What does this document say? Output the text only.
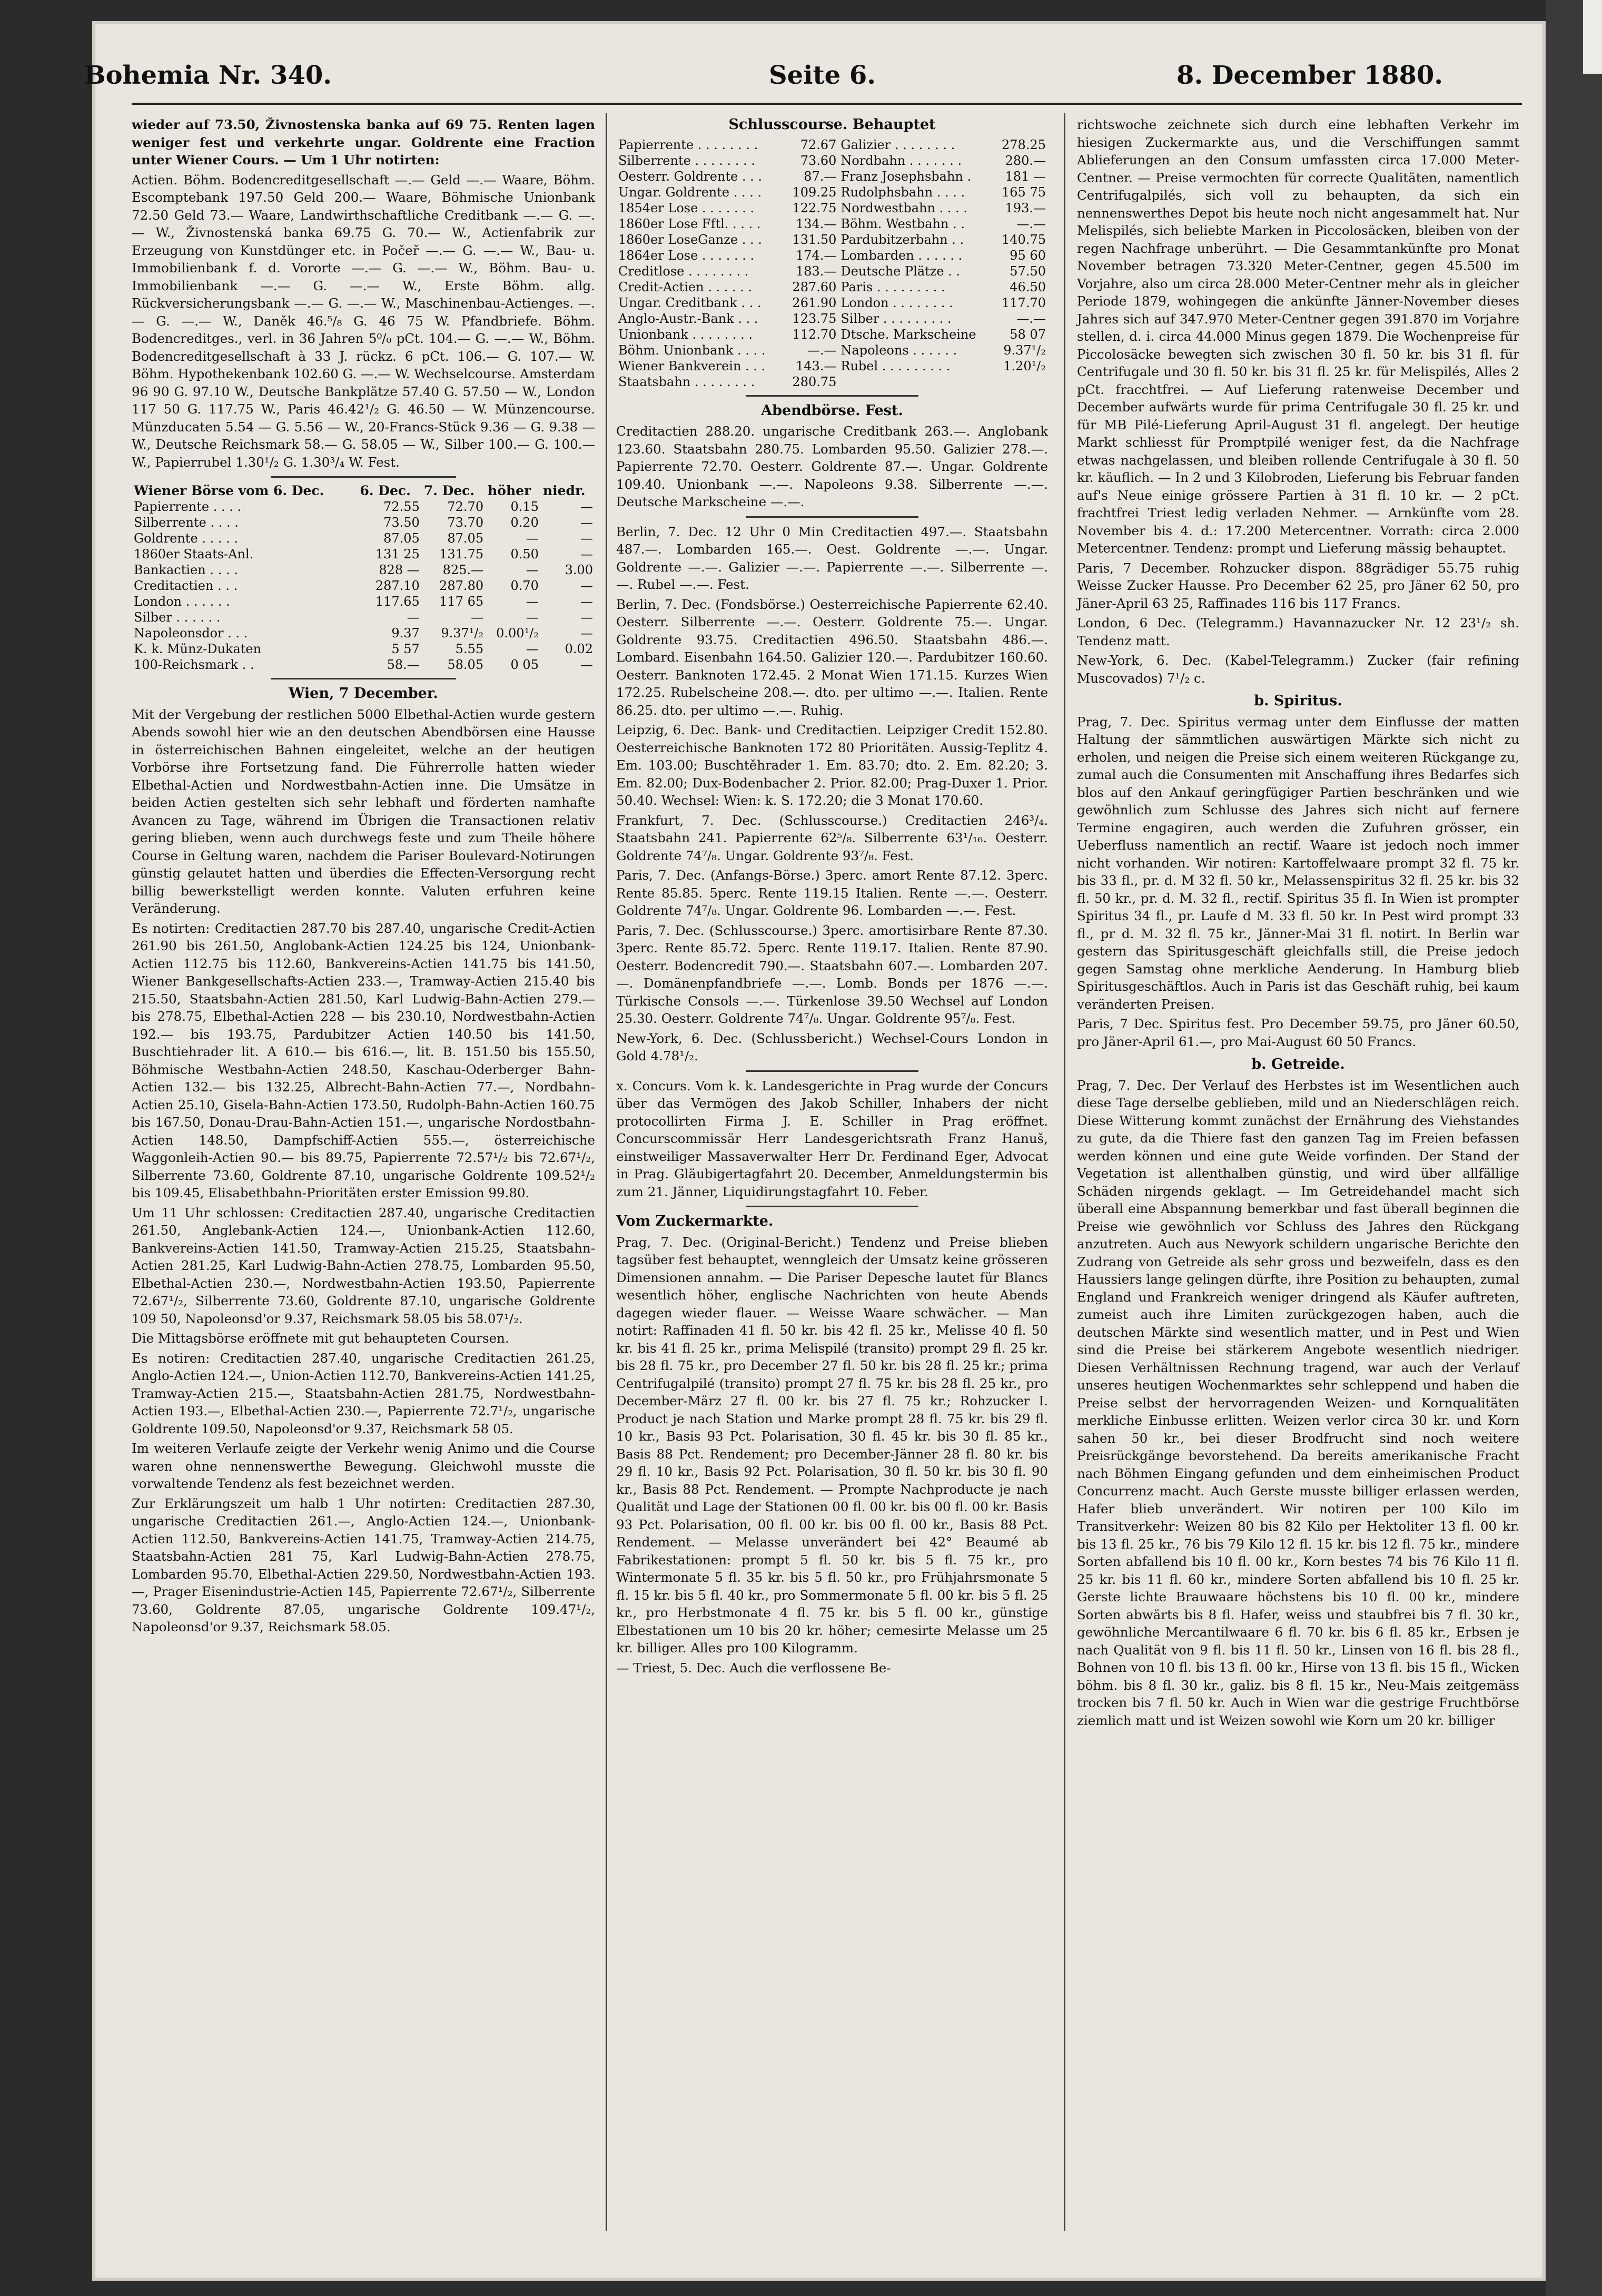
Bohemia Nr. 340.	Seite 6.	8. December 1880.

wieder auf 73.50, Živnostenska banka auf 69 75. Renten lagen weniger fest und verkehrte ungar. Goldrente eine Fraction unter Wiener Cours. — Um 1 Uhr notirten:

Actien. Böhm. Bodencreditgesellschaft —.— Geld —.— Waare, Böhm. Escomptebank 197.50 Geld 200.— Waare, Böhmische Unionbank 72.50 Geld 73.— Waare, Landwirthschaftliche Creditbank —.— G. —.— W., Živnostenská banka 69.75 G. 70.— W., Actienfabrik zur Erzeugung von Kunstdünger etc. in Počeř —.— G. —.— W., Bau- u. Immobilienbank f. d. Vororte —.— G. —.— W., Böhm. Bau- u. Immobilienbank —.— G. —.— W., Erste Böhm. allg. Rückversicherungsbank —.— G. —.— W., Maschinenbau-Actienges. —.— G. —.— W., Daněk 46.⁵/₈ G. 46 75 W. Pfandbriefe. Böhm. Bodencreditges., verl. in 36 Jahren 5⁰/₀ pCt. 104.— G. —.— W., Böhm. Bodencreditgesellschaft à 33 J. rückz. 6 pCt. 106.— G. 107.— W. Böhm. Hypothekenbank 102.60 G. —.— W. Wechselcourse. Amsterdam 96 90 G. 97.10 W., Deutsche Bankplätze 57.40 G. 57.50 — W., London 117 50 G. 117.75 W., Paris 46.42¹/₂ G. 46.50 — W. Münzencourse. Münzducaten 5.54 — G. 5.56 — W., 20-Francs-Stück 9.36 — G. 9.38 — W., Deutsche Reichsmark 58.— G. 58.05 — W., Silber 100.— G. 100.— W., Papierrubel 1.30¹/₂ G. 1.30³/₄ W. Fest.

Wiener Börse vom 6. Dec.	6. Dec.	7. Dec.	höher	niedr.
Papierrente . . . .	72.55	72.70	0.15	—
Silberrente . . . .	73.50	73.70	0.20	—
Goldrente . . . . .	87.05	87.05	—	—
1860er Staats-Anl.	131 25	131.75	0.50	—
Bankactien . . . .	828 —	825.—	—	3.00
Creditactien . . .	287.10	287.80	0.70	—
London . . . . . .	117.65	117 65	—	—
Silber . . . . . .	—	—	—	—
Napoleonsdor . . .	9.37	9.37¹/₂	0.00¹/₂	—
K. k. Münz-Dukaten	5 57	5.55	—	0.02
100-Reichsmark . .	58.—	58.05	0 05	—
Wien, 7 December.

Mit der Vergebung der restlichen 5000 Elbethal-Actien wurde gestern Abends sowohl hier wie an den deutschen Abendbörsen eine Hausse in österreichischen Bahnen eingeleitet, welche an der heutigen Vorbörse ihre Fortsetzung fand. Die Führerrolle hatten wieder Elbethal-Actien und Nordwestbahn-Actien inne. Die Umsätze in beiden Actien gestelten sich sehr lebhaft und förderten namhafte Avancen zu Tage, während im Übrigen die Transactionen relativ gering blieben, wenn auch durchwegs feste und zum Theile höhere Course in Geltung waren, nachdem die Pariser Boulevard-Notirungen günstig gelautet hatten und überdies die Effecten-Versorgung recht billig bewerkstelligt werden konnte. Valuten erfuhren keine Veränderung.

Es notirten: Creditactien 287.70 bis 287.40, ungarische Credit-Actien 261.90 bis 261.50, Anglobank-Actien 124.25 bis 124, Unionbank-Actien 112.75 bis 112.60, Bankvereins-Actien 141.75 bis 141.50, Wiener Bankgesellschafts-Actien 233.—, Tramway-Actien 215.40 bis 215.50, Staatsbahn-Actien 281.50, Karl Ludwig-Bahn-Actien 279.— bis 278.75, Elbethal-Actien 228 — bis 230.10, Nordwestbahn-Actien 192.— bis 193.75, Pardubitzer Actien 140.50 bis 141.50, Buschtiehrader lit. A 610.— bis 616.—, lit. B. 151.50 bis 155.50, Böhmische Westbahn-Actien 248.50, Kaschau-Oderberger Bahn-Actien 132.— bis 132.25, Albrecht-Bahn-Actien 77.—, Nordbahn-Actien 25.10, Gisela-Bahn-Actien 173.50, Rudolph-Bahn-Actien 160.75 bis 167.50, Donau-Drau-Bahn-Actien 151.—, ungarische Nordostbahn-Actien 148.50, Dampfschiff-Actien 555.—, österreichische Waggonleih-Actien 90.— bis 89.75, Papierrente 72.57¹/₂ bis 72.67¹/₂, Silberrente 73.60, Goldrente 87.10, ungarische Goldrente 109.52¹/₂ bis 109.45, Elisabethbahn-Prioritäten erster Emission 99.80.

Um 11 Uhr schlossen: Creditactien 287.40, ungarische Creditactien 261.50, Anglebank-Actien 124.—, Unionbank-Actien 112.60, Bankvereins-Actien 141.50, Tramway-Actien 215.25, Staatsbahn-Actien 281.25, Karl Ludwig-Bahn-Actien 278.75, Lombarden 95.50, Elbethal-Actien 230.—, Nordwestbahn-Actien 193.50, Papierrente 72.67¹/₂, Silberrente 73.60, Goldrente 87.10, ungarische Goldrente 109 50, Napoleonsd'or 9.37, Reichsmark 58.05 bis 58.07¹/₂.

Die Mittagsbörse eröffnete mit gut behaupteten Coursen.

Es notiren: Creditactien 287.40, ungarische Creditactien 261.25, Anglo-Actien 124.—, Union-Actien 112.70, Bankvereins-Actien 141.25, Tramway-Actien 215.—, Staatsbahn-Actien 281.75, Nordwestbahn-Actien 193.—, Elbethal-Actien 230.—, Papierrente 72.7¹/₂, ungarische Goldrente 109.50, Napoleonsd'or 9.37, Reichsmark 58 05.

Im weiteren Verlaufe zeigte der Verkehr wenig Animo und die Course waren ohne nennenswerthe Bewegung. Gleichwohl musste die vorwaltende Tendenz als fest bezeichnet werden.

Zur Erklärungszeit um halb 1 Uhr notirten: Creditactien 287.30, ungarische Creditactien 261.—, Anglo-Actien 124.—, Unionbank-Actien 112.50, Bankvereins-Actien 141.75, Tramway-Actien 214.75, Staatsbahn-Actien 281 75, Karl Ludwig-Bahn-Actien 278.75, Lombarden 95.70, Elbethal-Actien 229.50, Nordwestbahn-Actien 193.—, Prager Eisenindustrie-Actien 145, Papierrente 72.67¹/₂, Silberrente 73.60, Goldrente 87.05, ungarische Goldrente 109.47¹/₂, Napoleonsd'or 9.37, Reichsmark 58.05.

Schlusscourse. Behauptet
Papierrente . . . . . . . .	72.67	Galizier . . . . . . . .	278.25
Silberrente . . . . . . . .	73.60	Nordbahn . . . . . . .	280.—
Oesterr. Goldrente . . .	87.—	Franz Josephsbahn .	181 —
Ungar. Goldrente . . . .	109.25	Rudolphsbahn . . . .	165 75
1854er Lose . . . . . . .	122.75	Nordwestbahn . . . .	193.—
1860er Lose Fftl. . . . .	134.—	Böhm. Westbahn . .	—.—
1860er LoseGanze . . .	131.50	Pardubitzerbahn . .	140.75
1864er Lose . . . . . . .	174.—	Lombarden . . . . . .	95 60
Creditlose . . . . . . . .	183.—	Deutsche Plätze . .	57.50
Credit-Actien . . . . . .	287.60	Paris . . . . . . . . .	46.50
Ungar. Creditbank . . .	261.90	London . . . . . . . .	117.70
Anglo-Austr.-Bank . . .	123.75	Silber . . . . . . . . .	—.—
Unionbank . . . . . . . .	112.70	Dtsche. Markscheine	58 07
Böhm. Unionbank . . . .	—.—	Napoleons . . . . . .	9.37¹/₂
Wiener Bankverein . . .	143.—	Rubel . . . . . . . . .	1.20¹/₂
Staatsbahn . . . . . . . .	280.75		
Abendbörse. Fest.

Creditactien 288.20. ungarische Creditbank 263.—. Anglobank 123.60. Staatsbahn 280.75. Lombarden 95.50. Galizier 278.—. Papierrente 72.70. Oesterr. Goldrente 87.—. Ungar. Goldrente 109.40. Unionbank —.—. Napoleons 9.38. Silberrente —.—. Deutsche Markscheine —.—.

Berlin, 7. Dec. 12 Uhr 0 Min Creditactien 497.—. Staatsbahn 487.—. Lombarden 165.—. Oest. Goldrente —.—. Ungar. Goldrente —.—. Galizier —.—. Papierrente —.—. Silberrente —.—. Rubel —.—. Fest.

Berlin, 7. Dec. (Fondsbörse.) Oesterreichische Papierrente 62.40. Oesterr. Silberrente —.—. Oesterr. Goldrente 75.—. Ungar. Goldrente 93.75. Creditactien 496.50. Staatsbahn 486.—. Lombard. Eisenbahn 164.50. Galizier 120.—. Pardubitzer 160.60. Oesterr. Banknoten 172.45. 2 Monat Wien 171.15. Kurzes Wien 172.25. Rubelscheine 208.—. dto. per ultimo —.—. Italien. Rente 86.25. dto. per ultimo —.—. Ruhig.

Leipzig, 6. Dec. Bank- und Creditactien. Leipziger Credit 152.80. Oesterreichische Banknoten 172 80 Prioritäten. Aussig-Teplitz 4. Em. 103.00; Buschtěhrader 1. Em. 83.70; dto. 2. Em. 82.20; 3. Em. 82.00; Dux-Bodenbacher 2. Prior. 82.00; Prag-Duxer 1. Prior. 50.40. Wechsel: Wien: k. S. 172.20; die 3 Monat 170.60.

Frankfurt, 7. Dec. (Schlusscourse.) Creditactien 246³/₄. Staatsbahn 241. Papierrente 62⁵/₈. Silberrente 63¹/₁₆. Oesterr. Goldrente 74⁷/₈. Ungar. Goldrente 93⁷/₈. Fest.

Paris, 7. Dec. (Anfangs-Börse.) 3perc. amort Rente 87.12. 3perc. Rente 85.85. 5perc. Rente 119.15 Italien. Rente —.—. Oesterr. Goldrente 74⁷/₈. Ungar. Goldrente 96. Lombarden —.—. Fest.

Paris, 7. Dec. (Schlusscourse.) 3perc. amortisirbare Rente 87.30. 3perc. Rente 85.72. 5perc. Rente 119.17. Italien. Rente 87.90. Oesterr. Bodencredit 790.—. Staatsbahn 607.—. Lombarden 207.—. Domänenpfandbriefe —.—. Lomb. Bonds per 1876 —.—. Türkische Consols —.—. Türkenlose 39.50 Wechsel auf London 25.30. Oesterr. Goldrente 74⁷/₈. Ungar. Goldrente 95⁷/₈. Fest.

New-York, 6. Dec. (Schlussbericht.) Wechsel-Cours London in Gold 4.78¹/₂.

x. Concurs. Vom k. k. Landesgerichte in Prag wurde der Concurs über das Vermögen des Jakob Schiller, Inhabers der nicht protocollirten Firma J. E. Schiller in Prag eröffnet. Concurscommissär Herr Landesgerichtsrath Franz Hanuš, einstweiliger Massaverwalter Herr Dr. Ferdinand Eger, Advocat in Prag. Gläubigertagfahrt 20. December, Anmeldungstermin bis zum 21. Jänner, Liquidirungstagfahrt 10. Feber.

Vom Zuckermarkte.

Prag, 7. Dec. (Original-Bericht.) Tendenz und Preise blieben tagsüber fest behauptet, wenngleich der Umsatz keine grösseren Dimensionen annahm. — Die Pariser Depesche lautet für Blancs wesentlich höher, englische Nachrichten von heute Abends dagegen wieder flauer. — Weisse Waare schwächer. — Man notirt: Raffinaden 41 fl. 50 kr. bis 42 fl. 25 kr., Melisse 40 fl. 50 kr. bis 41 fl. 25 kr., prima Melispilé (transito) prompt 29 fl. 25 kr. bis 28 fl. 75 kr., pro December 27 fl. 50 kr. bis 28 fl. 25 kr.; prima Centrifugalpilé (transito) prompt 27 fl. 75 kr. bis 28 fl. 25 kr., pro December-März 27 fl. 00 kr. bis 27 fl. 75 kr.; Rohzucker I. Product je nach Station und Marke prompt 28 fl. 75 kr. bis 29 fl. 10 kr., Basis 93 Pct. Polarisation, 30 fl. 45 kr. bis 30 fl. 85 kr., Basis 88 Pct. Rendement; pro December-Jänner 28 fl. 80 kr. bis 29 fl. 10 kr., Basis 92 Pct. Polarisation, 30 fl. 50 kr. bis 30 fl. 90 kr., Basis 88 Pct. Rendement. — Prompte Nachproducte je nach Qualität und Lage der Stationen 00 fl. 00 kr. bis 00 fl. 00 kr. Basis 93 Pct. Polarisation, 00 fl. 00 kr. bis 00 fl. 00 kr., Basis 88 Pct. Rendement. — Melasse unverändert bei 42° Beaumé ab Fabrikestationen: prompt 5 fl. 50 kr. bis 5 fl. 75 kr., pro Wintermonate 5 fl. 35 kr. bis 5 fl. 50 kr., pro Frühjahrsmonate 5 fl. 15 kr. bis 5 fl. 40 kr., pro Sommermonate 5 fl. 00 kr. bis 5 fl. 25 kr., pro Herbstmonate 4 fl. 75 kr. bis 5 fl. 00 kr., günstige Elbestationen um 10 bis 20 kr. höher; cemesirte Melasse um 25 kr. billiger. Alles pro 100 Kilogramm.

— Triest, 5. Dec. Auch die verflossene Be-

richtswoche zeichnete sich durch eine lebhaften Verkehr im hiesigen Zuckermarkte aus, und die Verschiffungen sammt Ablieferungen an den Consum umfassten circa 17.000 Meter-Centner. — Preise vermochten für correcte Qualitäten, namentlich Centrifugalpilés, sich voll zu behaupten, da sich ein nennenswerthes Depot bis heute noch nicht angesammelt hat. Nur Melispilés, sich beliebte Marken in Piccolosäcken, bleiben von der regen Nachfrage unberührt. — Die Gesammtankünfte pro Monat November betragen 73.320 Meter-Centner, gegen 45.500 im Vorjahre, also um circa 28.000 Meter-Centner mehr als in gleicher Periode 1879, wohingegen die ankünfte Jänner-November dieses Jahres sich auf 347.970 Meter-Centner gegen 391.870 im Vorjahre stellen, d. i. circa 44.000 Minus gegen 1879. Die Wochenpreise für Piccolosäcke bewegten sich zwischen 30 fl. 50 kr. bis 31 fl. für Centrifugale und 30 fl. 50 kr. bis 31 fl. 25 kr. für Melispilés, Alles 2 pCt. fracchtfrei. — Auf Lieferung ratenweise December und December aufwärts wurde für prima Centrifugale 30 fl. 25 kr. und für MB Pilé-Lieferung April-August 31 fl. angelegt. Der heutige Markt schliesst für Promptpilé weniger fest, da die Nachfrage etwas nachgelassen, und bleiben rollende Centrifugale à 30 fl. 50 kr. käuflich. — In 2 und 3 Kilobroden, Lieferung bis Februar fanden auf's Neue einige grössere Partien à 31 fl. 10 kr. — 2 pCt. frachtfrei Triest ledig verladen Nehmer. — Arnkünfte vom 28. November bis 4. d.: 17.200 Metercentner. Vorrath: circa 2.000 Metercentner. Tendenz: prompt und Lieferung mässig behauptet.

Paris, 7 December. Rohzucker dispon. 88grädiger 55.75 ruhig Weisse Zucker Hausse. Pro December 62 25, pro Jäner 62 50, pro Jäner-April 63 25, Raffinades 116 bis 117 Francs.

London, 6 Dec. (Telegramm.) Havannazucker Nr. 12 23¹/₂ sh. Tendenz matt.

New-York, 6. Dec. (Kabel-Telegramm.) Zucker (fair refining Muscovados) 7¹/₂ c.

b. Spiritus.

Prag, 7. Dec. Spiritus vermag unter dem Einflusse der matten Haltung der sämmtlichen auswärtigen Märkte sich nicht zu erholen, und neigen die Preise sich einem weiteren Rückgange zu, zumal auch die Consumenten mit Anschaffung ihres Bedarfes sich blos auf den Ankauf geringfügiger Partien beschränken und wie gewöhnlich zum Schlusse des Jahres sich nicht auf fernere Termine engagiren, auch werden die Zufuhren grösser, ein Ueberfluss namentlich an rectif. Waare ist jedoch noch immer nicht vorhanden. Wir notiren: Kartoffelwaare prompt 32 fl. 75 kr. bis 33 fl., pr. d. M 32 fl. 50 kr., Melassenspiritus 32 fl. 25 kr. bis 32 fl. 50 kr., pr. d. M. 32 fl., rectif. Spiritus 35 fl. In Wien ist prompter Spiritus 34 fl., pr. Laufe d M. 33 fl. 50 kr. In Pest wird prompt 33 fl., pr d. M. 32 fl. 75 kr., Jänner-Mai 31 fl. notirt. In Berlin war gestern das Spiritusgeschäft gleichfalls still, die Preise jedoch gegen Samstag ohne merkliche Aenderung. In Hamburg blieb Spiritusgeschäftlos. Auch in Paris ist das Geschäft ruhig, bei kaum veränderten Preisen.

Paris, 7 Dec. Spiritus fest. Pro December 59.75, pro Jäner 60.50, pro Jäner-April 61.—, pro Mai-August 60 50 Francs.

b. Getreide.

Prag, 7. Dec. Der Verlauf des Herbstes ist im Wesentlichen auch diese Tage derselbe geblieben, mild und an Niederschlägen reich. Diese Witterung kommt zunächst der Ernährung des Viehstandes zu gute, da die Thiere fast den ganzen Tag im Freien befassen werden können und eine gute Weide vorfinden. Der Stand der Vegetation ist allenthalben günstig, und wird über allfällige Schäden nirgends geklagt. — Im Getreidehandel macht sich überall eine Abspannung bemerkbar und fast überall beginnen die Preise wie gewöhnlich vor Schluss des Jahres den Rückgang anzutreten. Auch aus Newyork schildern ungarische Berichte den Zudrang von Getreide als sehr gross und bezweifeln, dass es den Haussiers lange gelingen dürfte, ihre Position zu behaupten, zumal England und Frankreich weniger dringend als Käufer auftreten, zumeist auch ihre Limiten zurückgezogen haben, auch die deutschen Märkte sind wesentlich matter, und in Pest und Wien sind die Preise bei stärkerem Angebote wesentlich niedriger. Diesen Verhältnissen Rechnung tragend, war auch der Verlauf unseres heutigen Wochenmarktes sehr schleppend und haben die Preise selbst der hervorragenden Weizen- und Kornqualitäten merkliche Einbusse erlitten. Weizen verlor circa 30 kr. und Korn sahen 50 kr., bei dieser Brodfrucht sind noch weitere Preisrückgänge bevorstehend. Da bereits amerikanische Fracht nach Böhmen Eingang gefunden und dem einheimischen Product Concurrenz macht. Auch Gerste musste billiger erlassen werden, Hafer blieb unverändert. Wir notiren per 100 Kilo im Transitverkehr: Weizen 80 bis 82 Kilo per Hektoliter 13 fl. 00 kr. bis 13 fl. 25 kr., 76 bis 79 Kilo 12 fl. 15 kr. bis 12 fl. 75 kr., mindere Sorten abfallend bis 10 fl. 00 kr., Korn bestes 74 bis 76 Kilo 11 fl. 25 kr. bis 11 fl. 60 kr., mindere Sorten abfallend bis 10 fl. 25 kr. Gerste lichte Brauwaare höchstens bis 10 fl. 00 kr., mindere Sorten abwärts bis 8 fl. Hafer, weiss und staubfrei bis 7 fl. 30 kr., gewöhnliche Mercantilwaare 6 fl. 70 kr. bis 6 fl. 85 kr., Erbsen je nach Qualität von 9 fl. bis 11 fl. 50 kr., Linsen von 16 fl. bis 28 fl., Bohnen von 10 fl. bis 13 fl. 00 kr., Hirse von 13 fl. bis 15 fl., Wicken böhm. bis 8 fl. 30 kr., galiz. bis 8 fl. 15 kr., Neu-Mais zeitgemäss trocken bis 7 fl. 50 kr. Auch in Wien war die gestrige Fruchtbörse ziemlich matt und ist Weizen sowohl wie Korn um 20 kr. billiger
